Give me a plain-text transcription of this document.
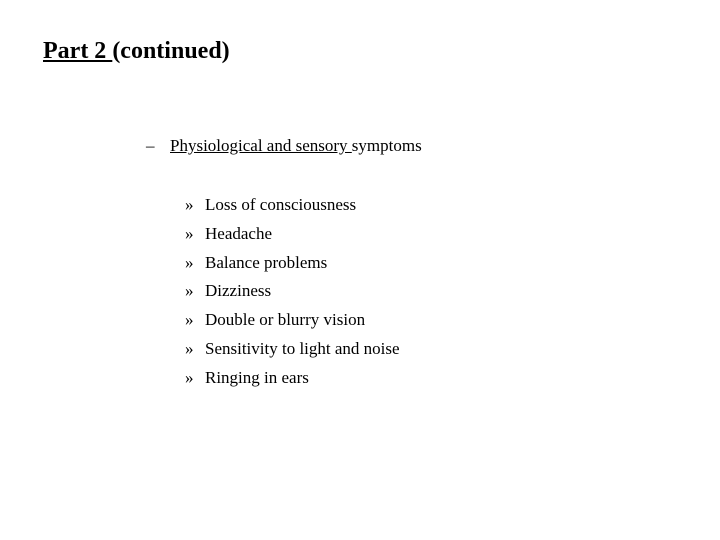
Part 2 (continued)
– Physiological and sensory symptoms
» Loss of consciousness
» Headache
» Balance problems
» Dizziness
» Double or blurry vision
» Sensitivity to light and noise
» Ringing in ears
